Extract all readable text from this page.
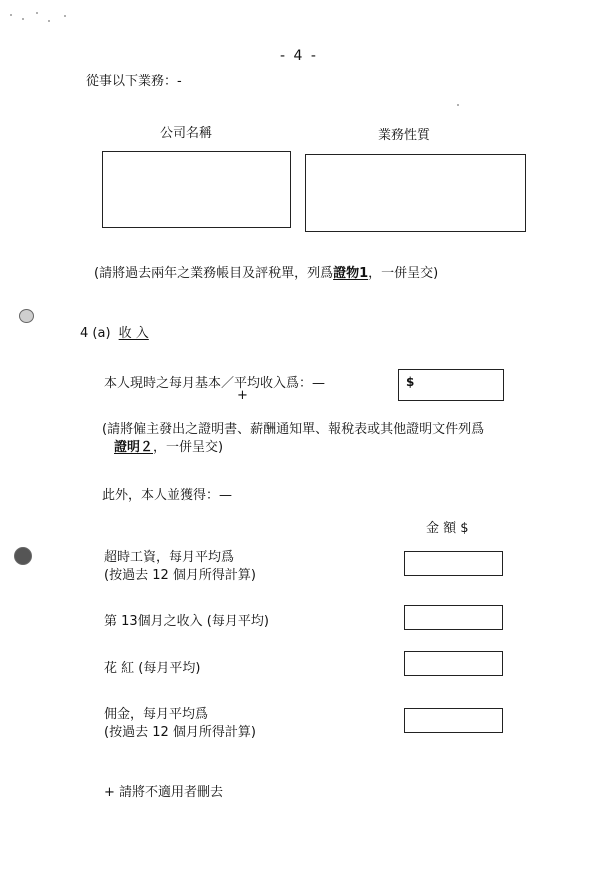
- 4 -
從事以下業務：-
公司名稱	業務性質
(請將過去兩年之業務帳目及評稅單，列爲證物1，一併呈交)
4 (a) 收 入
本人現時之每月基本／平均收入爲：—
+
$
(請將僱主發出之證明書、薪酬通知單、報稅表或其他證明文件列爲
證明２，一併呈交)
此外，本人並獲得：—
金 額 $
超時工資，每月平均爲
(按過去 12 個月所得計算)
第 13個月之收入 (每月平均)
花 紅 (每月平均)
佣金，每月平均爲
(按過去 12 個月所得計算)
+ 請將不適用者刪去
